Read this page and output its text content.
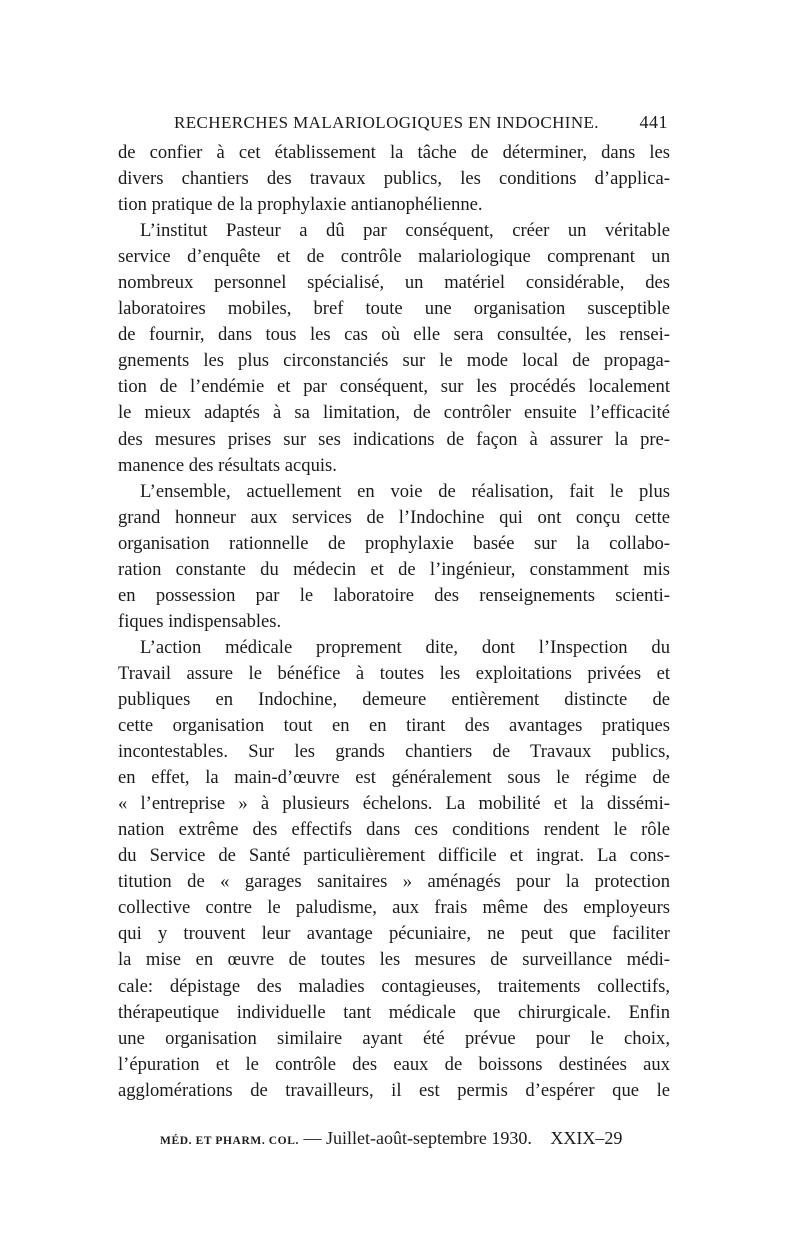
RECHERCHES MALARIOLOGIQUES EN INDOCHINE. 441
de confier à cet établissement la tâche de déterminer, dans les
divers chantiers des travaux publics, les conditions d’applica-
tion pratique de la prophylaxie antianophélienne.
L’institut Pasteur a dû par conséquent, créer un véritable
service d’enquête et de contrôle malariologique comprenant un
nombreux personnel spécialisé, un matériel considérable, des
laboratoires mobiles, bref toute une organisation susceptible
de fournir, dans tous les cas où elle sera consultée, les rensei-
gnements les plus circonstanciés sur le mode local de propaga-
tion de l’endémie et par conséquent, sur les procédés localement
le mieux adaptés à sa limitation, de contrôler ensuite l’efficacité
des mesures prises sur ses indications de façon à assurer la pre-
manence des résultats acquis.
L’ensemble, actuellement en voie de réalisation, fait le plus
grand honneur aux services de l’Indochine qui ont conçu cette
organisation rationnelle de prophylaxie basée sur la collabo-
ration constante du médecin et de l’ingénieur, constamment mis
en possession par le laboratoire des renseignements scienti-
fiques indispensables.
L’action médicale proprement dite, dont l’Inspection du
Travail assure le bénéfice à toutes les exploitations privées et
publiques en Indochine, demeure entièrement distincte de
cette organisation tout en en tirant des avantages pratiques
incontestables. Sur les grands chantiers de Travaux publics,
en effet, la main-d’œuvre est généralement sous le régime de
« l’entreprise » à plusieurs échelons. La mobilité et la dissémi-
nation extrême des effectifs dans ces conditions rendent le rôle
du Service de Santé particulièrement difficile et ingrat. La cons-
titution de « garages sanitaires » aménagés pour la protection
collective contre le paludisme, aux frais même des employeurs
qui y trouvent leur avantage pécuniaire, ne peut que faciliter
la mise en œuvre de toutes les mesures de surveillance médi-
cale: dépistage des maladies contagieuses, traitements collectifs,
thérapeutique individuelle tant médicale que chirurgicale. Enfin
une organisation similaire ayant été prévue pour le choix,
l’épuration et le contrôle des eaux de boissons destinées aux
agglomérations de travailleurs, il est permis d’espérer que le
MÉD. ET PHARM. COL. — Juillet-août-septembre 1930. XXIX–29
